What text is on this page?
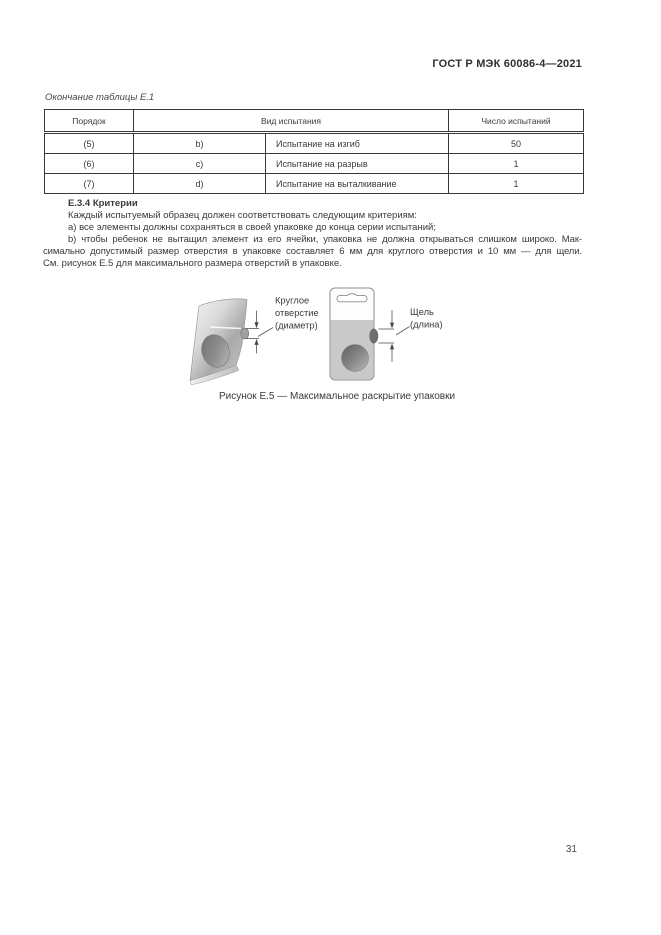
ГОСТ Р МЭК 60086-4—2021
Окончание таблицы Е.1
Порядок	Вид испытания		Число испытаний
(5)	b)	Испытание на изгиб	50
(6)	c)	Испытание на разрыв	1
(7)	d)	Испытание на выталкивание	1
Е.3.4 Критерии
Каждый испытуемый образец должен соответствовать следующим критериям:
а) все элементы должны сохраняться в своей упаковке до конца серии испытаний;
b) чтобы ребенок не вытащил элемент из его ячейки, упаковка не должна открываться слишком широко. Мак-
симально допустимый размер отверстия в упаковке составляет 6 мм для круглого отверстия и 10 мм — для щели.
См. рисунок Е.5 для максимального размера отверстий в упаковке.
Круглое
отверстие
(диаметр)
Щель
(длина)
Рисунок Е.5 — Максимальное раскрытие упаковки
31
